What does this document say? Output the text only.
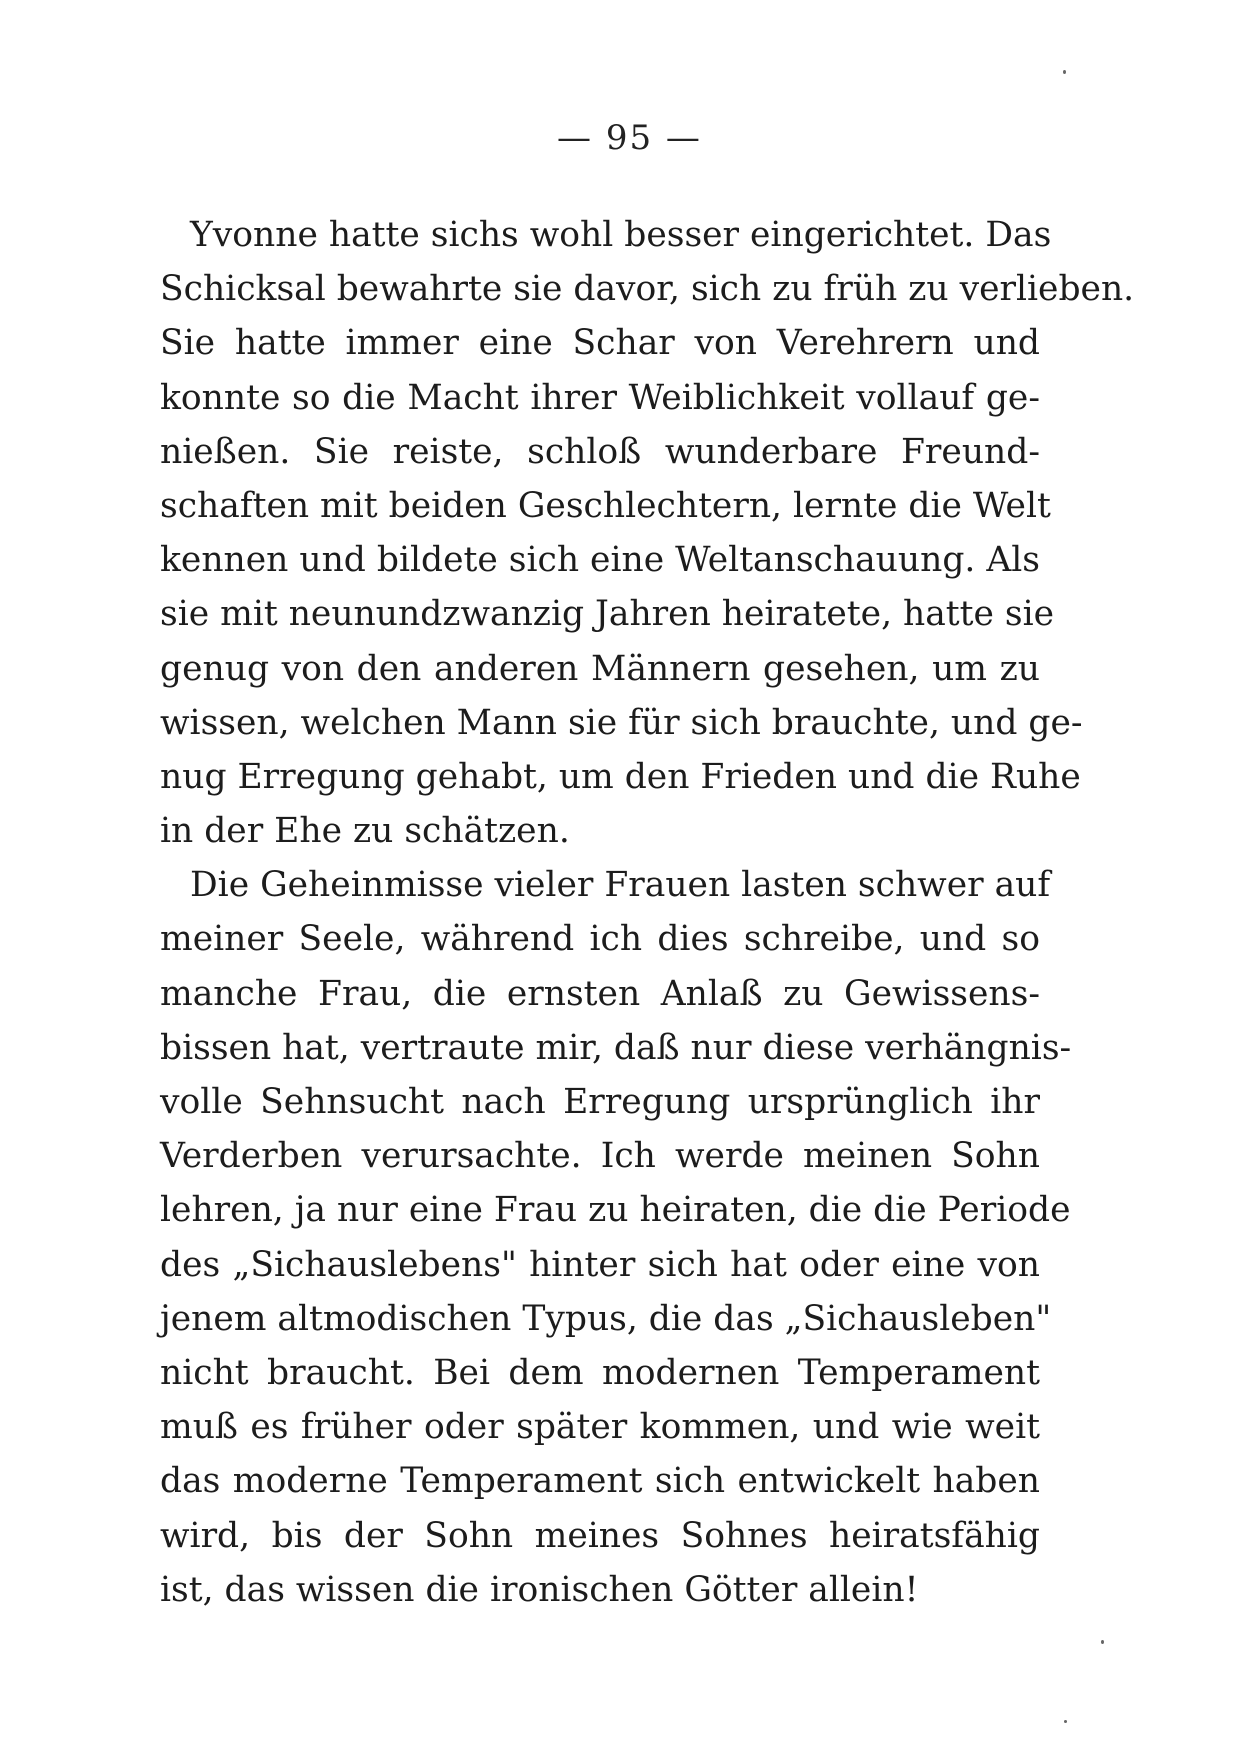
— 95 —
Yvonne hatte sichs wohl besser eingerichtet. Das
Schicksal bewahrte sie davor, sich zu früh zu verlieben.
Sie hatte immer eine Schar von Verehrern und
konnte so die Macht ihrer Weiblichkeit vollauf ge-
nießen. Sie reiste, schloß wunderbare Freund-
schaften mit beiden Geschlechtern, lernte die Welt
kennen und bildete sich eine Weltanschauung. Als
sie mit neunundzwanzig Jahren heiratete, hatte sie
genug von den anderen Männern gesehen, um zu
wissen, welchen Mann sie für sich brauchte, und ge-
nug Erregung gehabt, um den Frieden und die Ruhe
in der Ehe zu schätzen.
Die Geheinmisse vieler Frauen lasten schwer auf
meiner Seele, während ich dies schreibe, und so
manche Frau, die ernsten Anlaß zu Gewissens-
bissen hat, vertraute mir, daß nur diese verhängnis-
volle Sehnsucht nach Erregung ursprünglich ihr
Verderben verursachte. Ich werde meinen Sohn
lehren, ja nur eine Frau zu heiraten, die die Periode
des „Sichauslebens" hinter sich hat oder eine von
jenem altmodischen Typus, die das „Sichausleben"
nicht braucht. Bei dem modernen Temperament
muß es früher oder später kommen, und wie weit
das moderne Temperament sich entwickelt haben
wird, bis der Sohn meines Sohnes heiratsfähig
ist, das wissen die ironischen Götter allein!
